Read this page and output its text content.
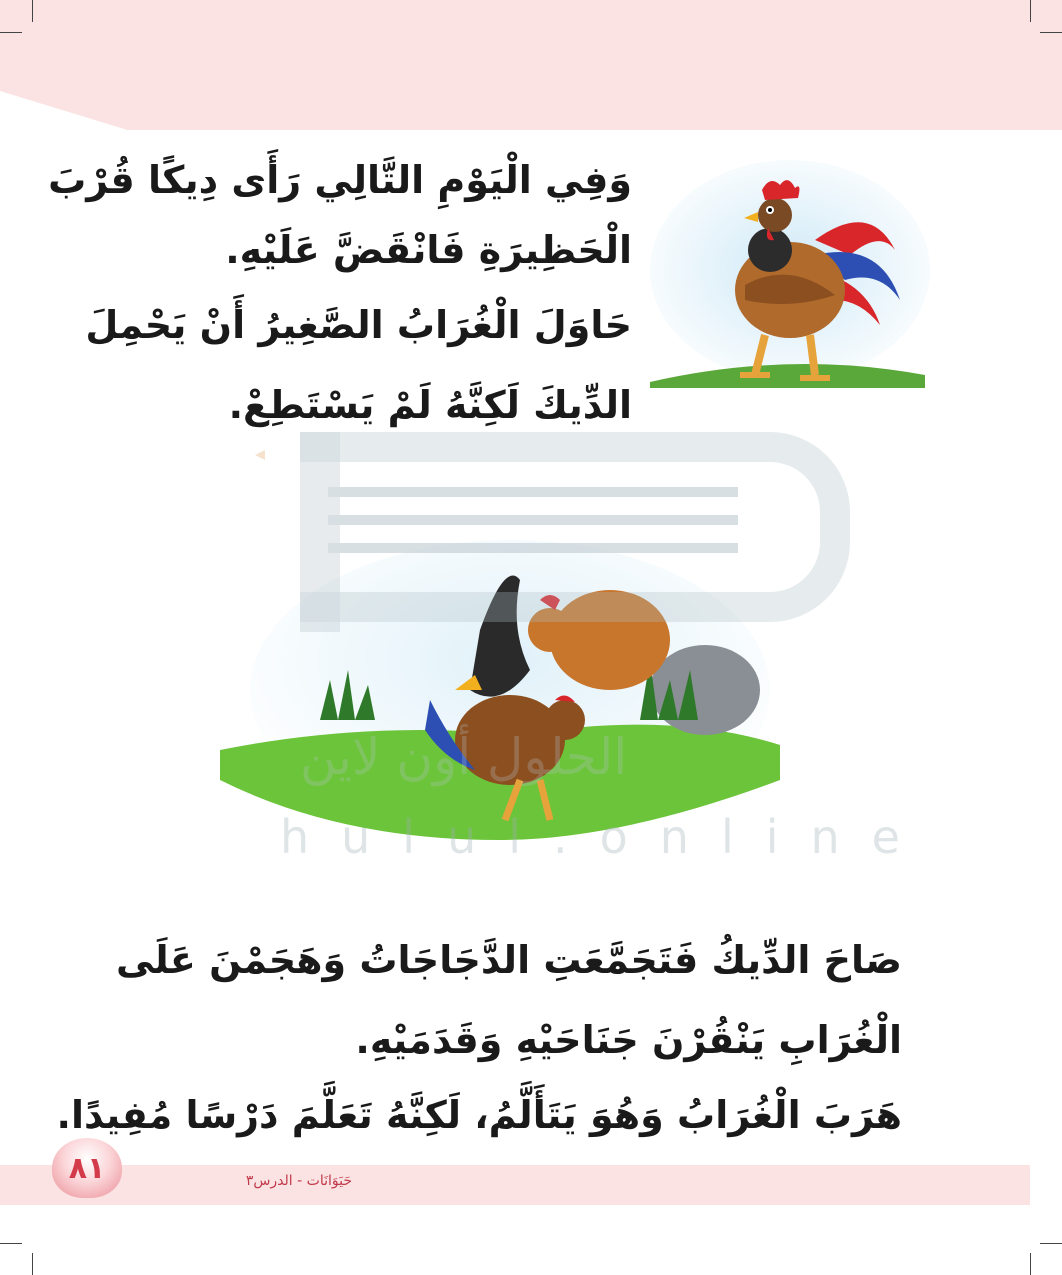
وَفِي الْيَوْمِ التَّالِي رَأَى دِيكًا قُرْبَ
الْحَظِيرَةِ فَانْقَضَّ عَلَيْهِ.
حَاوَلَ الْغُرَابُ الصَّغِيرُ أَنْ يَحْمِلَ
الدِّيكَ لَكِنَّهُ لَمْ يَسْتَطِعْ.
الحلول أون لاين
hulul.online
صَاحَ الدِّيكُ فَتَجَمَّعَتِ الدَّجَاجَاتُ وَهَجَمْنَ عَلَى
الْغُرَابِ يَنْقُرْنَ جَنَاحَيْهِ وَقَدَمَيْهِ.
هَرَبَ الْغُرَابُ وَهُوَ يَتَأَلَّمُ، لَكِنَّهُ تَعَلَّمَ دَرْسًا مُفِيدًا.
٨١	حَيَوَانَات - الدرس٣
